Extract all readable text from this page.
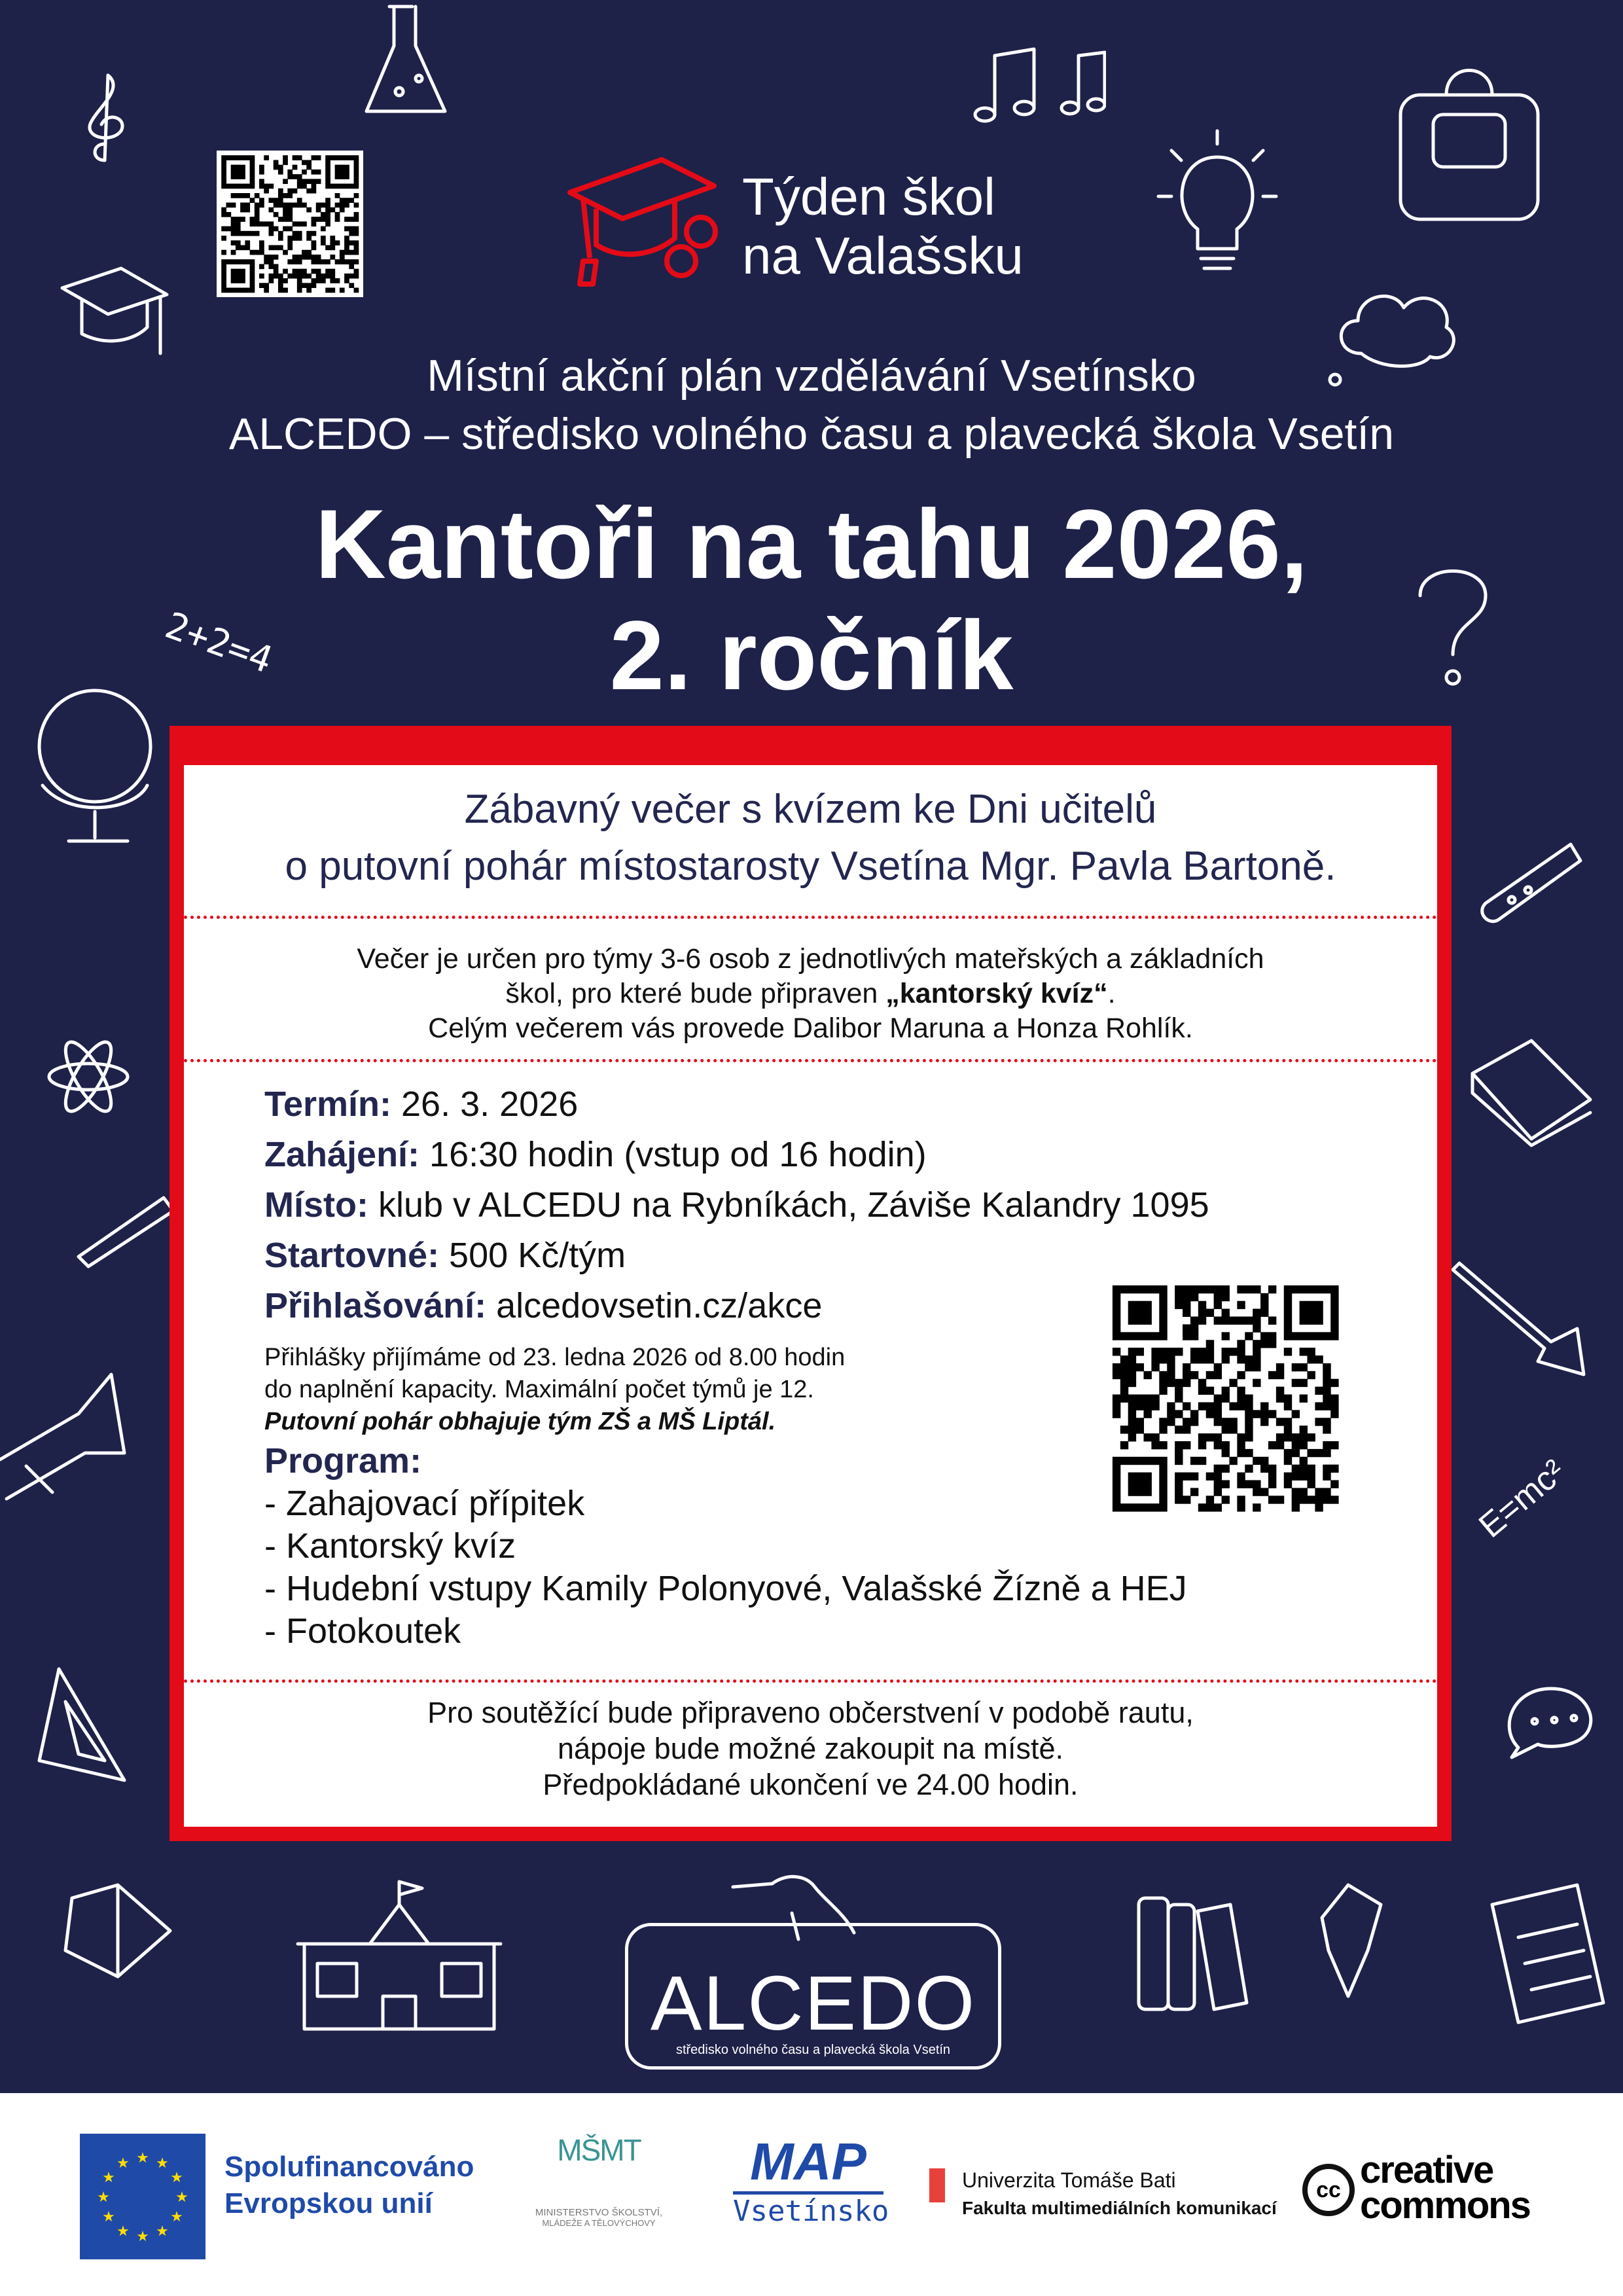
2+2=4
E=mc²
Týden škol
na Valašsku
Místní akční plán vzdělávání Vsetínsko
ALCEDO – středisko volného času a plavecká škola Vsetín
Kantoři na tahu 2026,
2. ročník
Zábavný večer s kvízem ke Dni učitelů
o putovní pohár místostarosty Vsetína Mgr. Pavla Bartoně.
Večer je určen pro týmy 3-6 osob z jednotlivých mateřských a základních
škol, pro které bude připraven „kantorský kvíz“.
Celým večerem vás provede Dalibor Maruna a Honza Rohlík.
Termín: 26. 3. 2026
Zahájení: 16:30 hodin (vstup od 16 hodin)
Místo: klub v ALCEDU na Rybníkách, Záviše Kalandry 1095
Startovné: 500 Kč/tým
Přihlašování: alcedovsetin.cz/akce
Přihlášky přijímáme od 23. ledna 2026 od 8.00 hodin
do naplnění kapacity. Maximální počet týmů je 12.
Putovní pohár obhajuje tým ZŠ a MŠ Liptál.
Program:
- Zahajovací přípitek
- Kantorský kvíz
- Hudební vstupy Kamily Polonyové, Valašské Žízně a HEJ
- Fotokoutek
Pro soutěžící bude připraveno občerstvení v podobě rautu,
nápoje bude možné zakoupit na místě.
Předpokládané ukončení ve 24.00 hodin.
ALCEDO
středisko volného času a plavecká škola Vsetín
★ ★
★
★
★
★
★
★
★
★
★
★	Spolufinancováno
Evropskou unií
MŠMT
MINISTERSTVO ŠKOLSTVÍ,
MLÁDEŽE A TĚLOVÝCHOVY
MAP
Vsetínsko
Univerzita Tomáše Bati
Fakulta multimediálních komunikací
cc creative
commons
